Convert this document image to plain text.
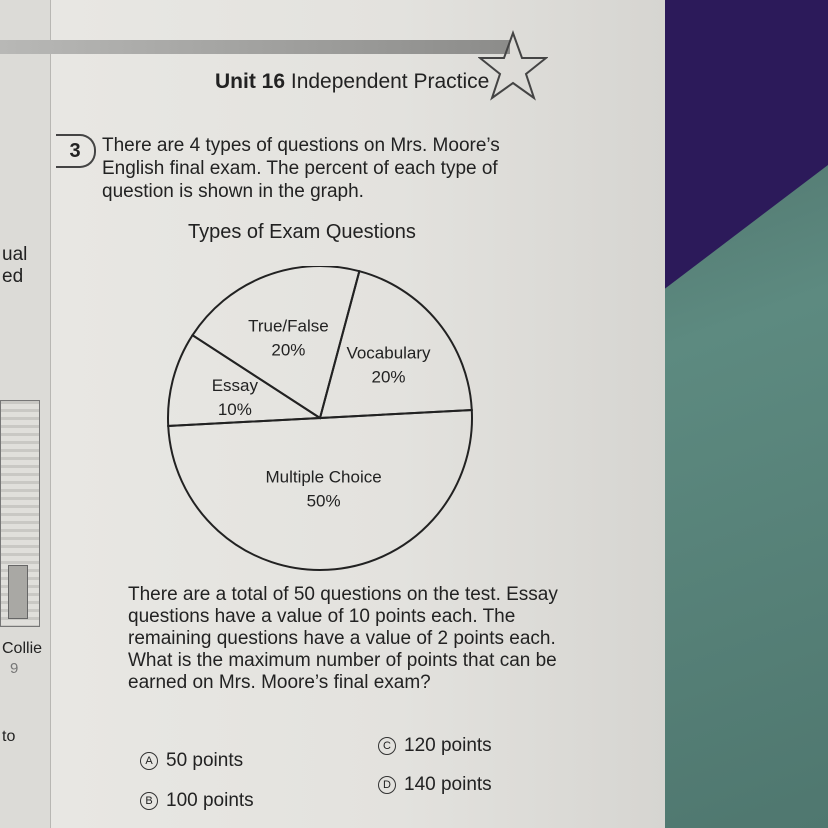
ual
ed
Collie
9
to
Unit 16 Independent Practice
3	There are 4 types of questions on Mrs. Moore’s English final exam. The percent of each type of question is shown in the graph.
Types of Exam Questions
Multiple Choice
50%
Essay
10%
True/False
20% Vocabulary
20%
There are a total of 50 questions on the test. Essay questions have a value of 10 points each. The remaining questions have a value of 2 points each. What is the maximum number of points that can be earned on Mrs. Moore’s final exam?
A 50 points
B 100 points
C 120 points
D 140 points
